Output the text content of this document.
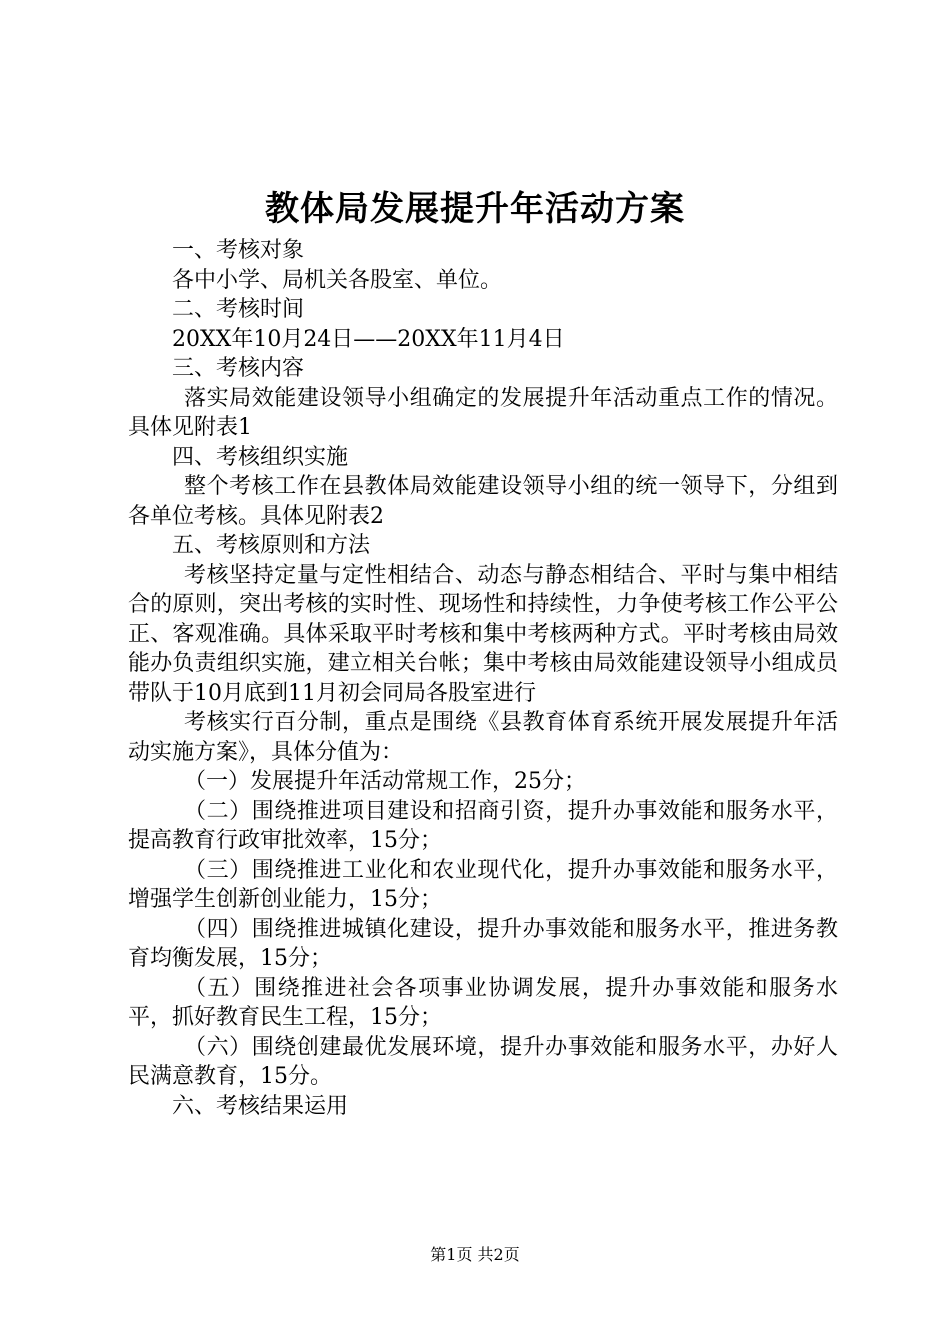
教体局发展提升年活动方案

一、考核对象

各中小学、局机关各股室、单位。

二、考核时间

20XX年10月24日——20XX年11月4日

三、考核内容

落实局效能建设领导小组确定的发展提升年活动重点工作的情况。具体见附表1

四、考核组织实施

整个考核工作在县教体局效能建设领导小组的统一领导下，分组到各单位考核。具体见附表2

五、考核原则和方法

考核坚持定量与定性相结合、动态与静态相结合、平时与集中相结合的原则，突出考核的实时性、现场性和持续性，力争使考核工作公平公正、客观准确。具体采取平时考核和集中考核两种方式。平时考核由局效能办负责组织实施，建立相关台帐；集中考核由局效能建设领导小组成员带队于10月底到11月初会同局各股室进行

考核实行百分制，重点是围绕《县教育体育系统开展发展提升年活动实施方案》，具体分值为：

（一）发展提升年活动常规工作，25分；

（二）围绕推进项目建设和招商引资，提升办事效能和服务水平，提高教育行政审批效率，15分；

（三）围绕推进工业化和农业现代化，提升办事效能和服务水平，增强学生创新创业能力，15分；

（四）围绕推进城镇化建设，提升办事效能和服务水平，推进务教育均衡发展，15分；

（五）围绕推进社会各项事业协调发展，提升办事效能和服务水平，抓好教育民生工程，15分；

（六）围绕创建最优发展环境，提升办事效能和服务水平，办好人民满意教育，15分。

六、考核结果运用

第1页 共2页
